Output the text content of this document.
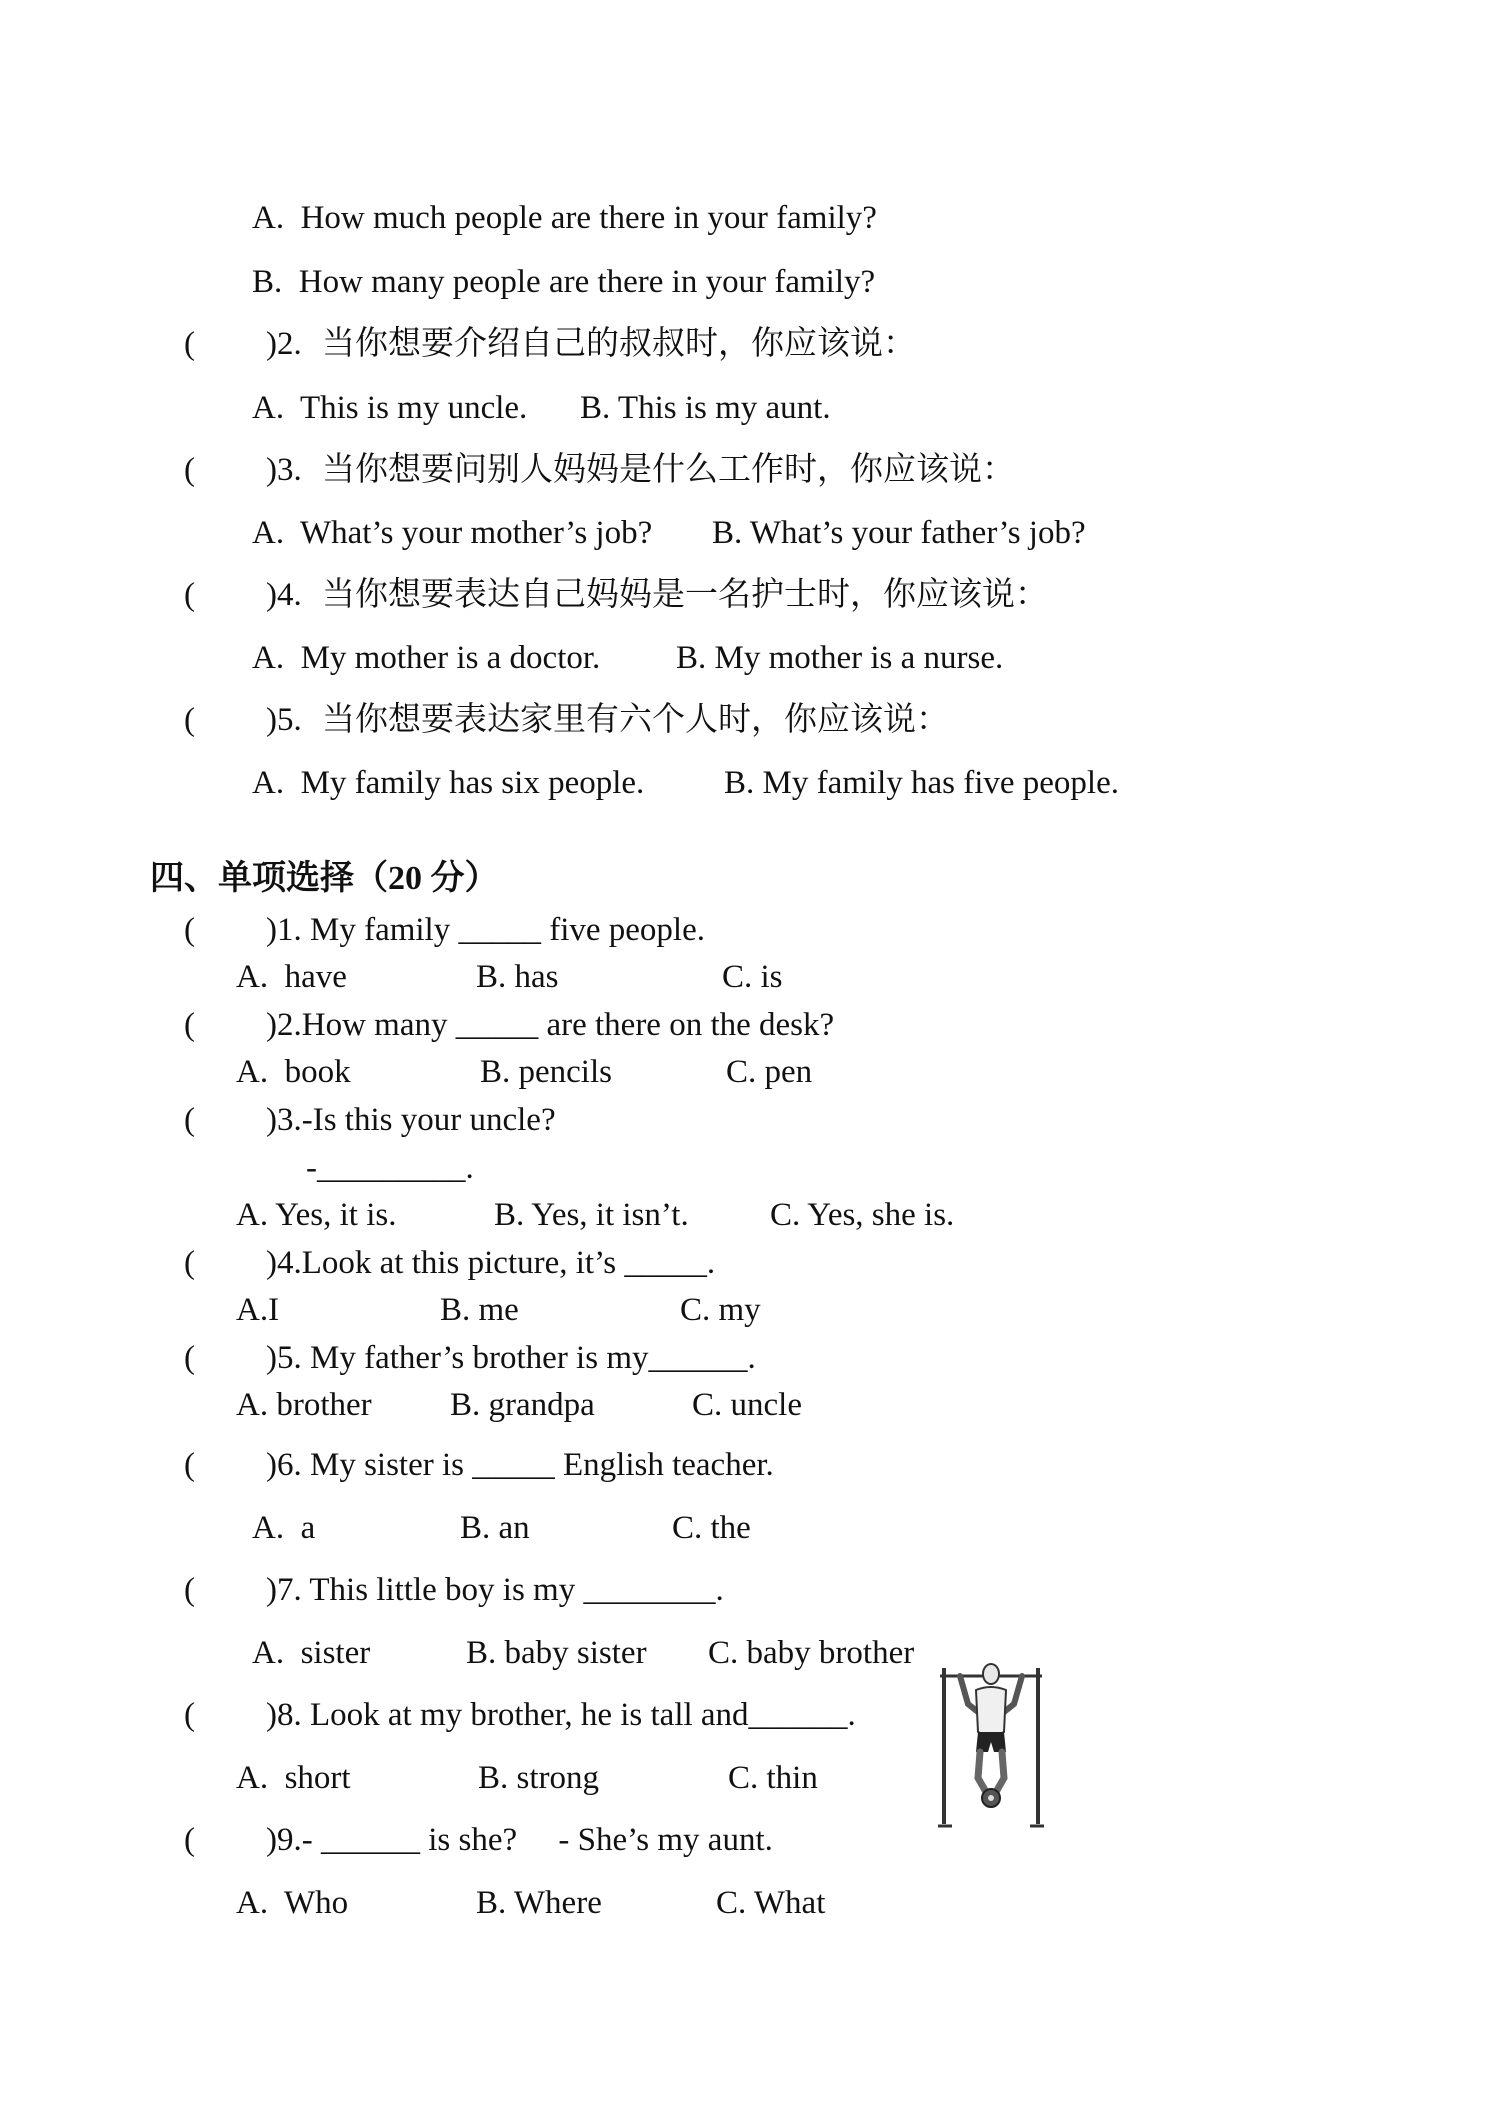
A.  How much people are there in your family?
B.  How many people are there in your family?
( )2. 当你想要介绍自己的叔叔时，你应该说：
A.  This is my uncle. B. This is my aunt.
( )3. 当你想要问别人妈妈是什么工作时，你应该说：
A.  What’s your mother’s job? B. What’s your father’s job?
( )4. 当你想要表达自己妈妈是一名护士时，你应该说：
A.  My mother is a doctor. B. My mother is a nurse.
( )5. 当你想要表达家里有六个人时，你应该说：
A.  My family has six people. B. My family has five people.
四、单项选择（20 分）
( )1. My family _____ five people.
A.  have	B. has	C. is
( )2.How many _____ are there on the desk?
A.  book	B. pencils	C. pen
( )3.-Is this your uncle?
-_________.
A. Yes, it is.	B. Yes, it isn’t. C. Yes, she is.
( )4.Look at this picture, it’s _____.
A.I	B. me	C. my
( )5. My father’s brother is my______.
A. brother B. grandpa	C. uncle
( )6. My sister is _____ English teacher.
A.  a	B. an	C. the
( )7. This little boy is my ________.
A.  sister	B. baby sister C. baby brother
( )8. Look at my brother, he is tall and______.
A.  short	B. strong	C. thin
( )9.- ______ is she?     - She’s my aunt.
A.  Who	B. Where	C. What
